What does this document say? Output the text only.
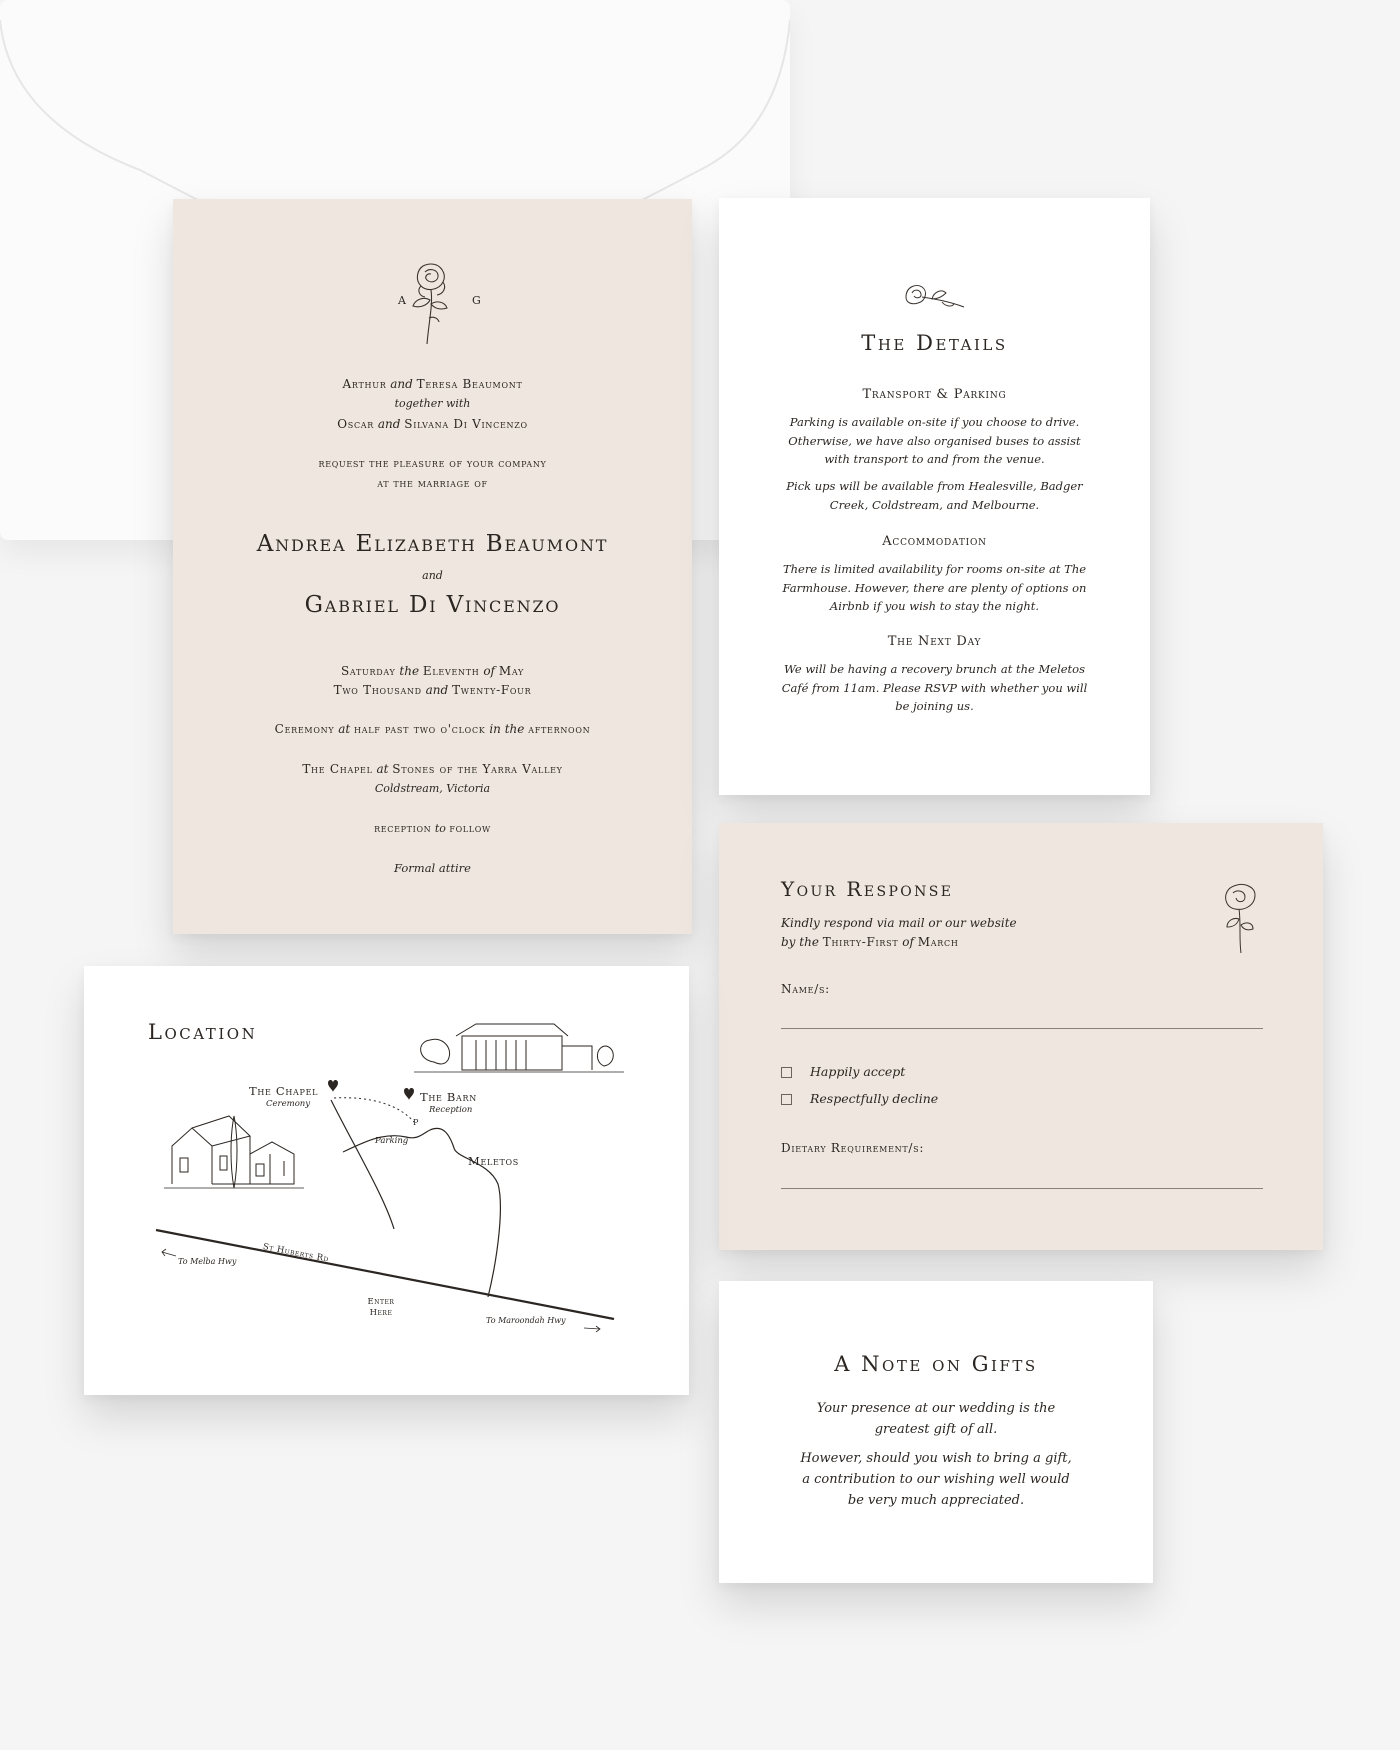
A	G
Arthur and Teresa Beaumont
together with
Oscar and Silvana Di Vincenzo
request the pleasure of your company
at the marriage of
Andrea Elizabeth Beaumont
and
Gabriel Di Vincenzo
Saturday the Eleventh of May
Two Thousand and Twenty-Four
Ceremony at half past two o'clock in the afternoon
The Chapel at Stones of the Yarra Valley
Coldstream, Victoria
reception to follow
Formal attire
The Details
Transport & Parking
Parking is available on-site if you choose to drive. Otherwise, we have also organised buses to assist with transport to and from the venue.
Pick ups will be available from Healesville, Badger Creek, Coldstream, and Melbourne.
Accommodation
There is limited availability for rooms on-site at The Farmhouse. However, there are plenty of options on Airbnb if you wish to stay the night.
The Next Day
We will be having a recovery brunch at the Meletos Café from 11am. Please RSVP with whether you will be joining us.
Your Response
Kindly respond via mail or our website
by the Thirty-First of March
Name/s:
Happily accept
Respectfully decline
Dietary Requirement/s:
Location
The Chapel
Ceremony	The Barn
Reception
Parking
P
Meletos
St Huberts Rd
To Melba Hwy
To Maroondah Hwy
Enter
Here
A Note on Gifts
Your presence at our wedding is the
greatest gift of all.
However, should you wish to bring a gift,
a contribution to our wishing well would
be very much appreciated.
